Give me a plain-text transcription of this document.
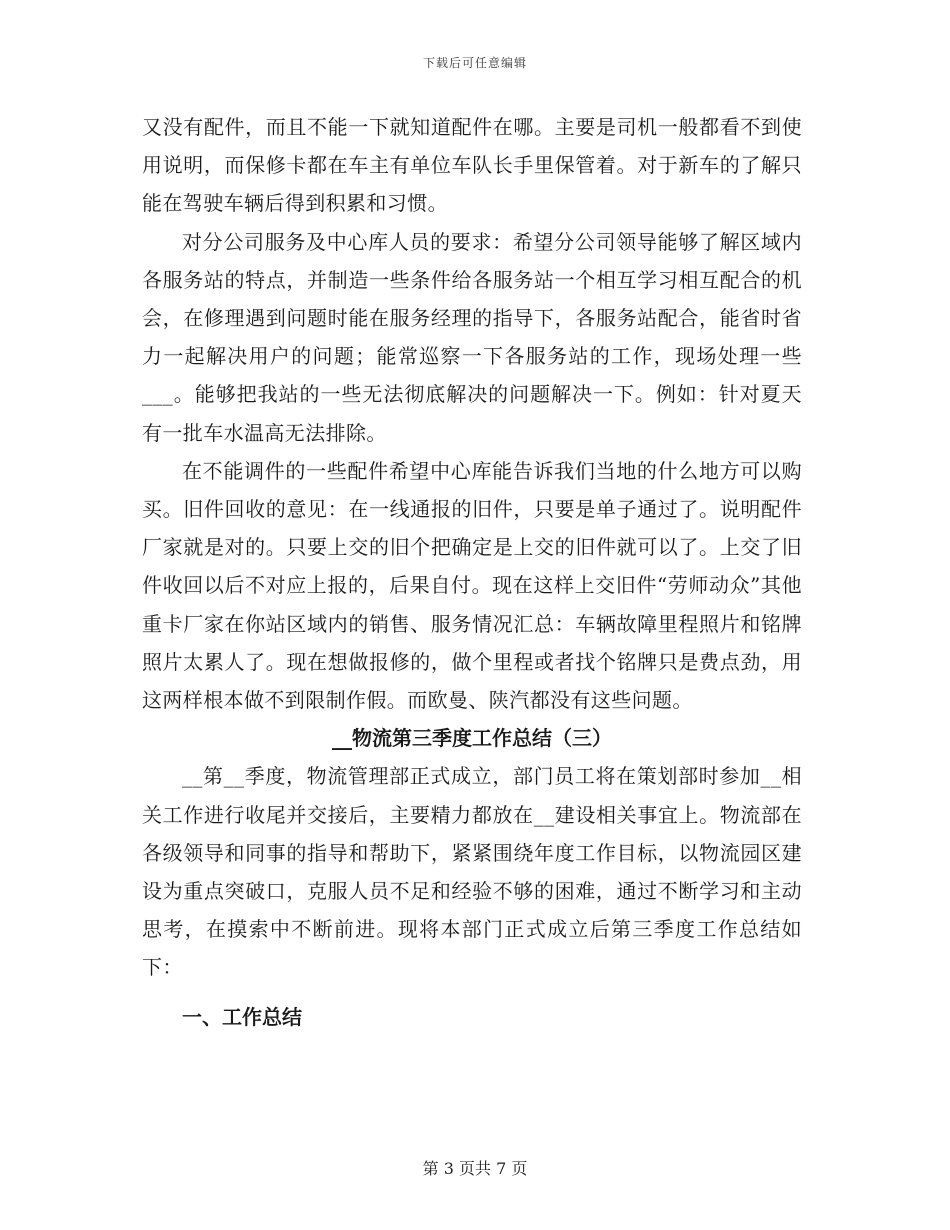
下载后可任意编辑

又没有配件，而且不能一下就知道配件在哪。主要是司机一般都看不到使用说明，而保修卡都在车主有单位车队长手里保管着。对于新车的了解只能在驾驶车辆后得到积累和习惯。

对分公司服务及中心库人员的要求：希望分公司领导能够了解区域内各服务站的特点，并制造一些条件给各服务站一个相互学习相互配合的机会，在修理遇到问题时能在服务经理的指导下，各服务站配合，能省时省力一起解决用户的问题；能常巡察一下各服务站的工作，现场处理一些___。能够把我站的一些无法彻底解决的问题解决一下。例如：针对夏天有一批车水温高无法排除。

在不能调件的一些配件希望中心库能告诉我们当地的什么地方可以购买。旧件回收的意见：在一线通报的旧件，只要是单子通过了。说明配件厂家就是对的。只要上交的旧个把确定是上交的旧件就可以了。上交了旧件收回以后不对应上报的，后果自付。现在这样上交旧件“劳师动众”其他重卡厂家在你站区域内的销售、服务情况汇总：车辆故障里程照片和铭牌照片太累人了。现在想做报修的，做个里程或者找个铭牌只是费点劲，用这两样根本做不到限制作假。而欧曼、陕汽都没有这些问题。

__物流第三季度工作总结（三）

__第__季度，物流管理部正式成立，部门员工将在策划部时参加__相关工作进行收尾并交接后，主要精力都放在__建设相关事宜上。物流部在各级领导和同事的指导和帮助下，紧紧围绕年度工作目标，以物流园区建设为重点突破口，克服人员不足和经验不够的困难，通过不断学习和主动思考，在摸索中不断前进。现将本部门正式成立后第三季度工作总结如下：

一、工作总结

第 3 页共 7 页
